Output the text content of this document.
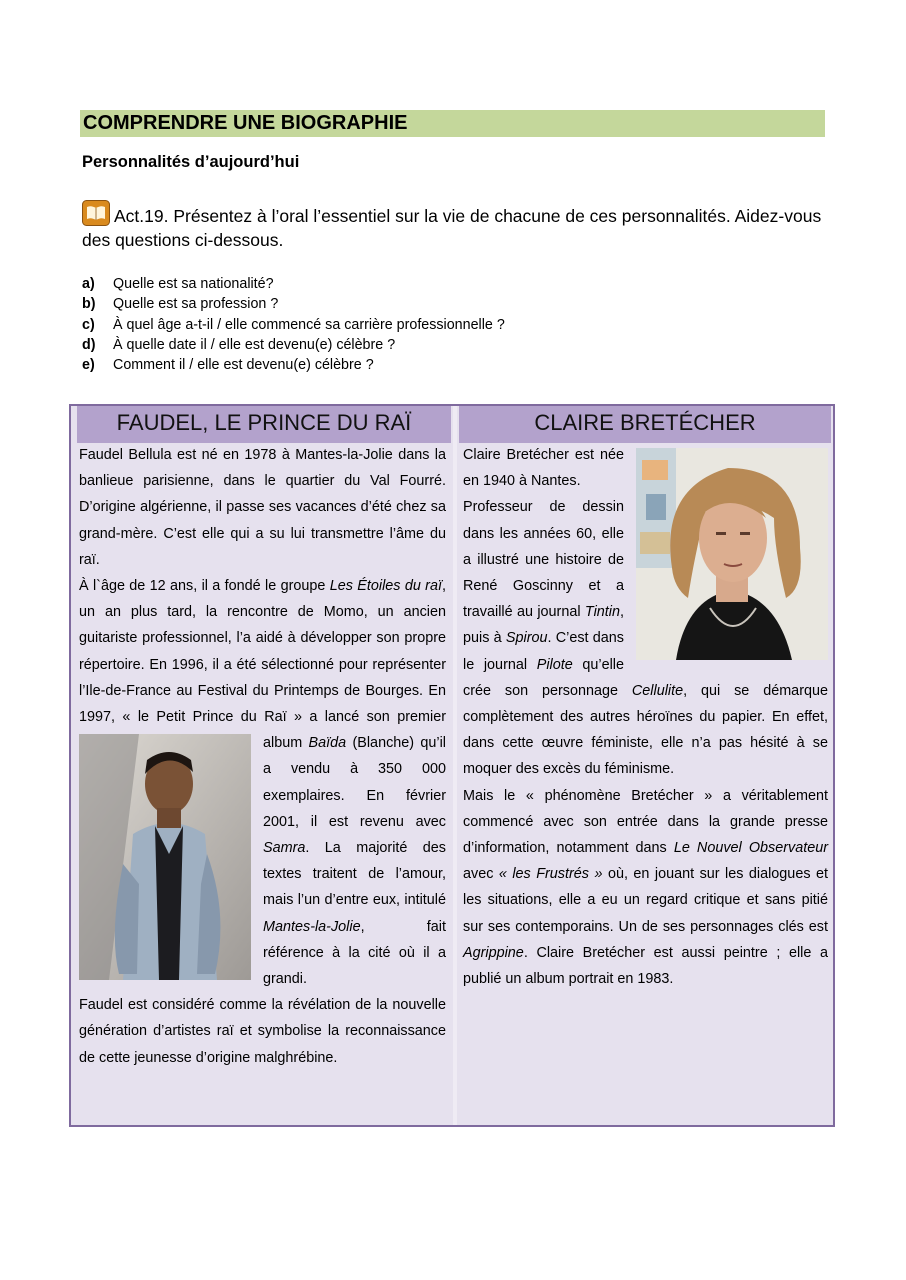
COMPRENDRE UNE BIOGRAPHIE
Personnalités d’aujourd’hui
Act.19. Présentez à l’oral l’essentiel sur la vie de chacune de ces personnalités. Aidez-vous des questions ci-dessous.
a)	Quelle est sa nationalité?
b)	Quelle est sa profession ?
c)	À quel âge a-t-il / elle commencé sa carrière professionnelle ?
d)	À quelle date il / elle est devenu(e) célèbre ?
e)	Comment il / elle est devenu(e) célèbre ?
FAUDEL, LE PRINCE DU RAÏ	CLAIRE BRETÉCHER

Faudel Bellula est né en 1978 à Mantes-la-Jolie dans la banlieue parisienne, dans le quartier du Val Fourré. D’origine algérienne, il passe ses vacances d’été chez sa grand-mère. C’est elle qui a su lui transmettre l’âme du raï.

À l`âge de 12 ans, il a fondé le groupe Les Étoiles du raï, un an plus tard, la rencontre de Momo, un ancien guitariste professionnel, l’a aidé à développer son propre répertoire. En 1996, il a été sélectionné pour représenter l’Ile-de-France au Festival du Printemps de Bourges. En 1997, « le Petit Prince du Raï » a lancé son premier album
Baïda (Blanche) qu’il a vendu à 350 000 exemplaires. En février 2001, il est revenu avec Samra. La majorité des textes traitent de l’amour, mais l’un d’entre eux, intitulé Mantes-la-Jolie, fait référence à la cité où il a grandi.

Faudel est considéré comme la révélation de la nouvelle génération d’artistes raï et symbolise la reconnaissance de cette jeunesse d’origine malghrébine.

Claire Bretécher est née en 1940 à Nantes.
Professeur de dessin dans les années 60, elle a illustré une histoire de René Goscinny et a travaillé au journal Tintin, puis à Spirou. C’est dans le journal Pilote qu’elle crée son personnage Cellulite, qui se démarque complètement des autres héroïnes du papier. En effet, dans cette œuvre féministe, elle n’a pas hésité à se moquer des excès du féminisme.

Mais le « phénomène Bretécher » a véritablement commencé avec son entrée dans la grande presse d’information, notamment dans Le Nouvel Observateur avec « les Frustrés » où, en jouant sur les dialogues et les situations, elle a eu un regard critique et sans pitié sur ses contemporains. Un de ses personnages clés est Agrippine. Claire Bretécher est aussi peintre ; elle a publié un album portrait en 1983.
